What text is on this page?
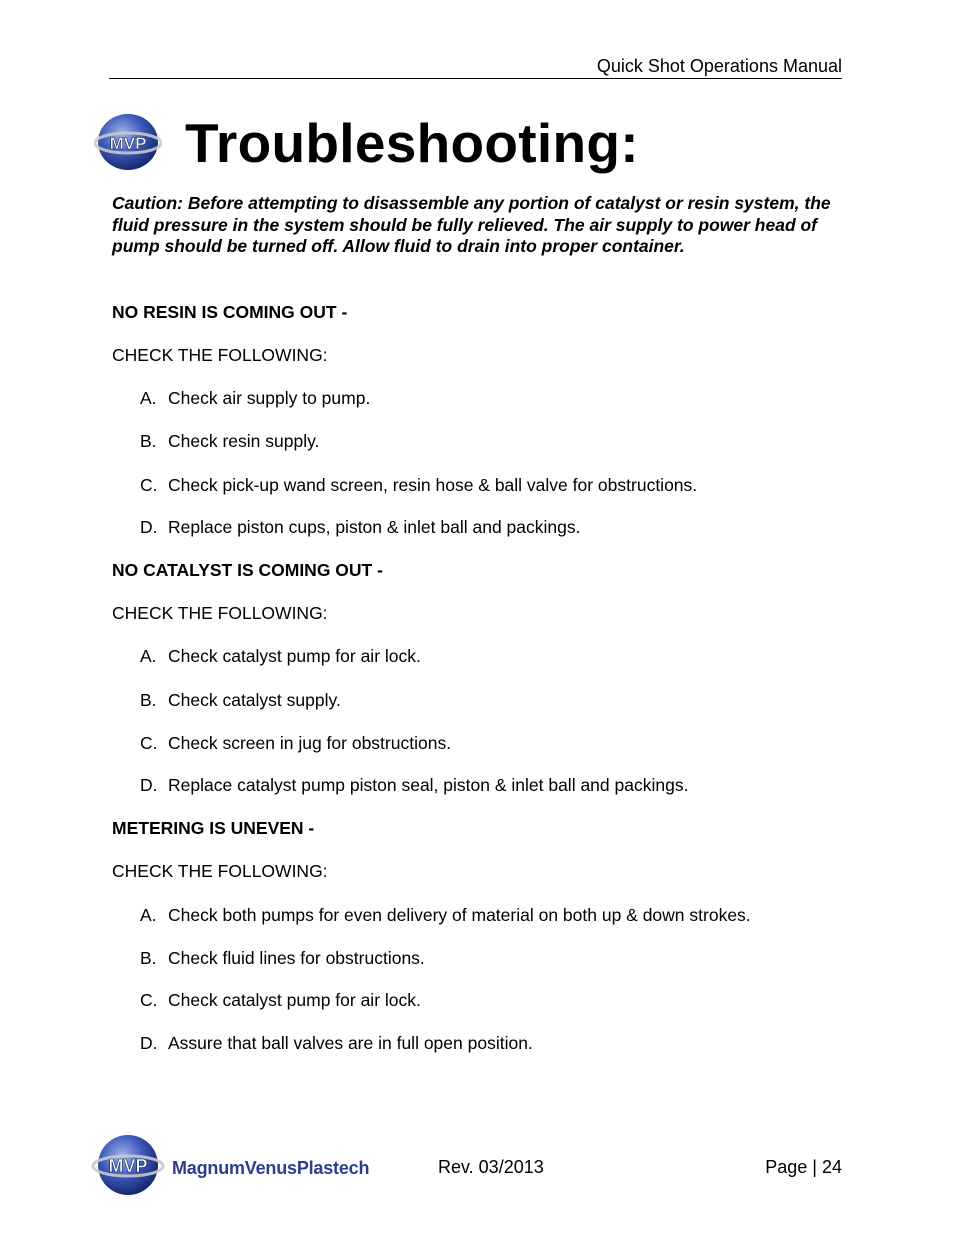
Quick Shot Operations Manual
MVP Troubleshooting:

Caution: Before attempting to disassemble any portion of catalyst or resin system, the fluid pressure in the system should be fully relieved. The air supply to power head of pump should be turned off. Allow fluid to drain into proper container.

NO RESIN IS COMING OUT -

CHECK THE FOLLOWING:

A. Check air supply to pump.
B. Check resin supply.
C. Check pick-up wand screen, resin hose & ball valve for obstructions.
D. Replace piston cups, piston & inlet ball and packings.

NO CATALYST IS COMING OUT -

CHECK THE FOLLOWING:

A. Check catalyst pump for air lock.
B. Check catalyst supply.
C. Check screen in jug for obstructions.
D. Replace catalyst pump piston seal, piston & inlet ball and packings.

METERING IS UNEVEN -

CHECK THE FOLLOWING:

A. Check both pumps for even delivery of material on both up & down strokes.
B. Check fluid lines for obstructions.
C. Check catalyst pump for air lock.
D. Assure that ball valves are in full open position.
MVP MagnumVenusPlastech	Rev. 03/2013	Page | 24
